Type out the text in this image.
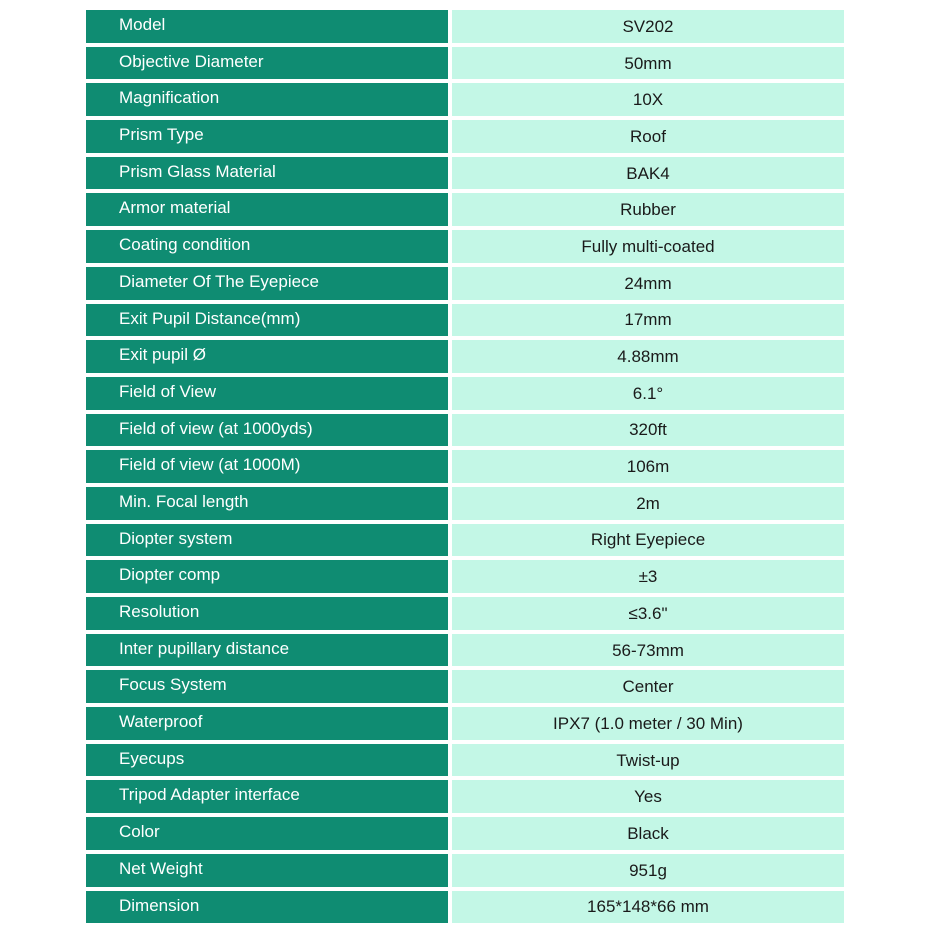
Model	SV202
Objective Diameter	50mm
Magnification	10X
Prism Type	Roof
Prism Glass Material	BAK4
Armor material	Rubber
Coating condition	Fully multi-coated
Diameter Of The Eyepiece	24mm
Exit Pupil Distance(mm)	17mm
Exit pupil Ø	4.88mm
Field of View	6.1°
Field of view (at 1000yds)	320ft
Field of view (at 1000M)	106m
Min. Focal length	2m
Diopter system	Right Eyepiece
Diopter comp	±3
Resolution	≤3.6"
Inter pupillary distance	56-73mm
Focus System	Center
Waterproof	IPX7 (1.0 meter / 30 Min)
Eyecups	Twist-up
Tripod Adapter interface	Yes
Color	Black
Net Weight	951g
Dimension	165*148*66 mm
